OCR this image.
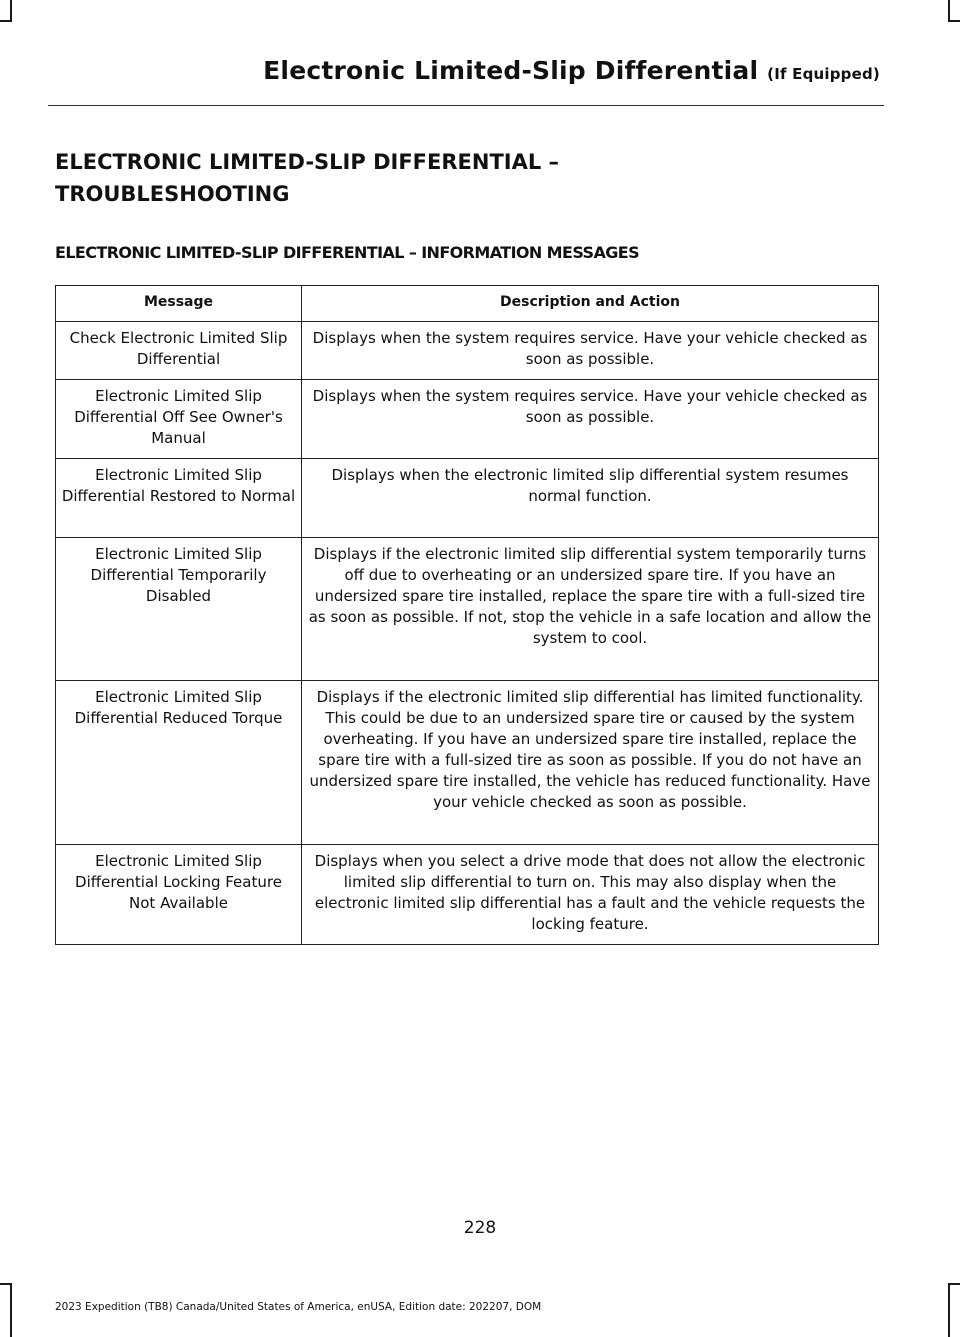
Electronic Limited-Slip Differential (If Equipped)
ELECTRONIC LIMITED-SLIP DIFFERENTIAL – TROUBLESHOOTING
ELECTRONIC LIMITED-SLIP DIFFERENTIAL – INFORMATION MESSAGES
Message	Description and Action
Check Electronic Limited Slip Differential	Displays when the system requires service. Have your vehicle checked as soon as possible.
Electronic Limited Slip Differential Off See Owner's Manual	Displays when the system requires service. Have your vehicle checked as soon as possible.
Electronic Limited Slip Differential Restored to Normal	Displays when the electronic limited slip differential system resumes normal function.
Electronic Limited Slip Differential Temporarily Disabled	Displays if the electronic limited slip differential system temporarily turns off due to overheating or an undersized spare tire. If you have an undersized spare tire installed, replace the spare tire with a full-sized tire as soon as possible. If not, stop the vehicle in a safe location and allow the system to cool.
Electronic Limited Slip Differential Reduced Torque	Displays if the electronic limited slip differential has limited functionality. This could be due to an undersized spare tire or caused by the system overheating. If you have an undersized spare tire installed, replace the spare tire with a full-sized tire as soon as possible. If you do not have an undersized spare tire installed, the vehicle has reduced functionality. Have your vehicle checked as soon as possible.
Electronic Limited Slip Differential Locking Feature Not Available	Displays when you select a drive mode that does not allow the electronic limited slip differential to turn on. This may also display when the electronic limited slip differential has a fault and the vehicle requests the locking feature.
228
2023 Expedition (TB8) Canada/United States of America, enUSA, Edition date: 202207, DOM
